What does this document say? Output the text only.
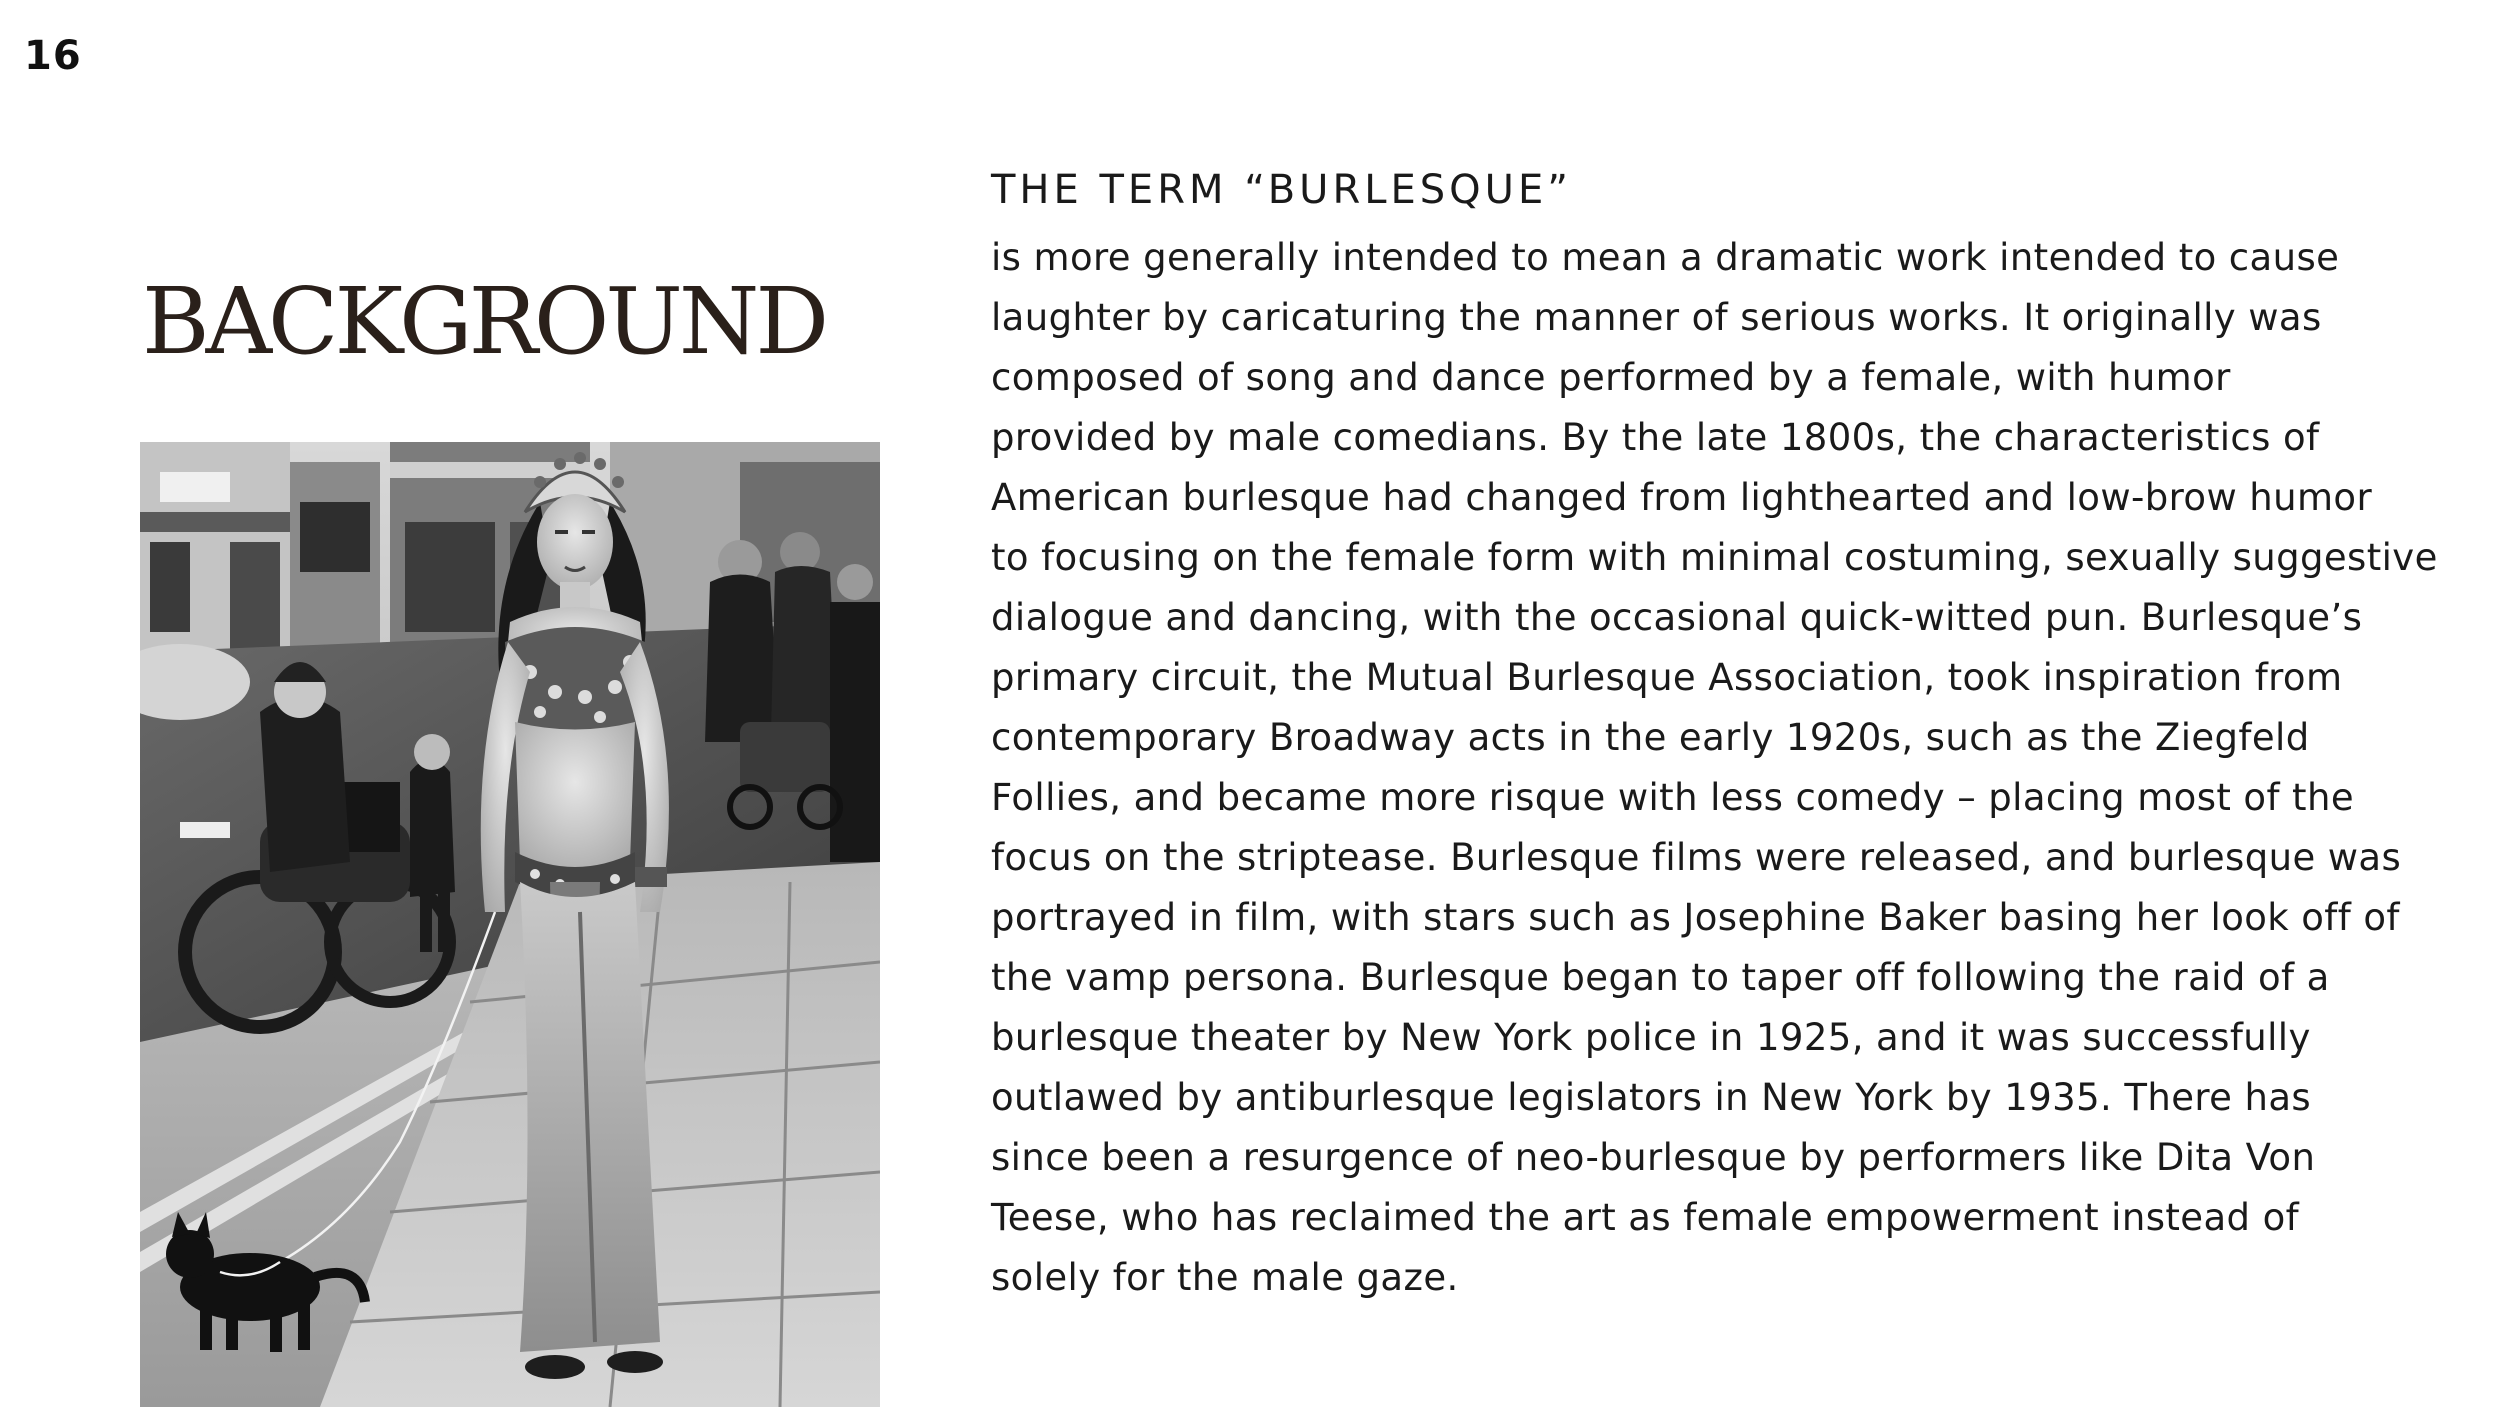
16
BACKGROUND
THE TERM “BURLESQUE”
is more generally intended to mean a dramatic work intended to cause
laughter by caricaturing the manner of serious works. It originally was
composed of song and dance performed by a female, with humor
provided by male comedians. By the late 1800s, the characteristics of
American burlesque had changed from lighthearted and low-brow humor
to focusing on the female form with minimal costuming, sexually suggestive
dialogue and dancing, with the occasional quick-witted pun. Burlesque’s
primary circuit, the Mutual Burlesque Association, took inspiration from
contemporary Broadway acts in the early 1920s, such as the Ziegfeld
Follies, and became more risque with less comedy – placing most of the
focus on the striptease. Burlesque films were released, and burlesque was
portrayed in film, with stars such as Josephine Baker basing her look off of
the vamp persona. Burlesque began to taper off following the raid of a
burlesque theater by New York police in 1925, and it was successfully
outlawed by antiburlesque legislators in New York by 1935. There has
since been a resurgence of neo-burlesque by performers like Dita Von
Teese, who has reclaimed the art as female empowerment instead of
solely for the male gaze.
